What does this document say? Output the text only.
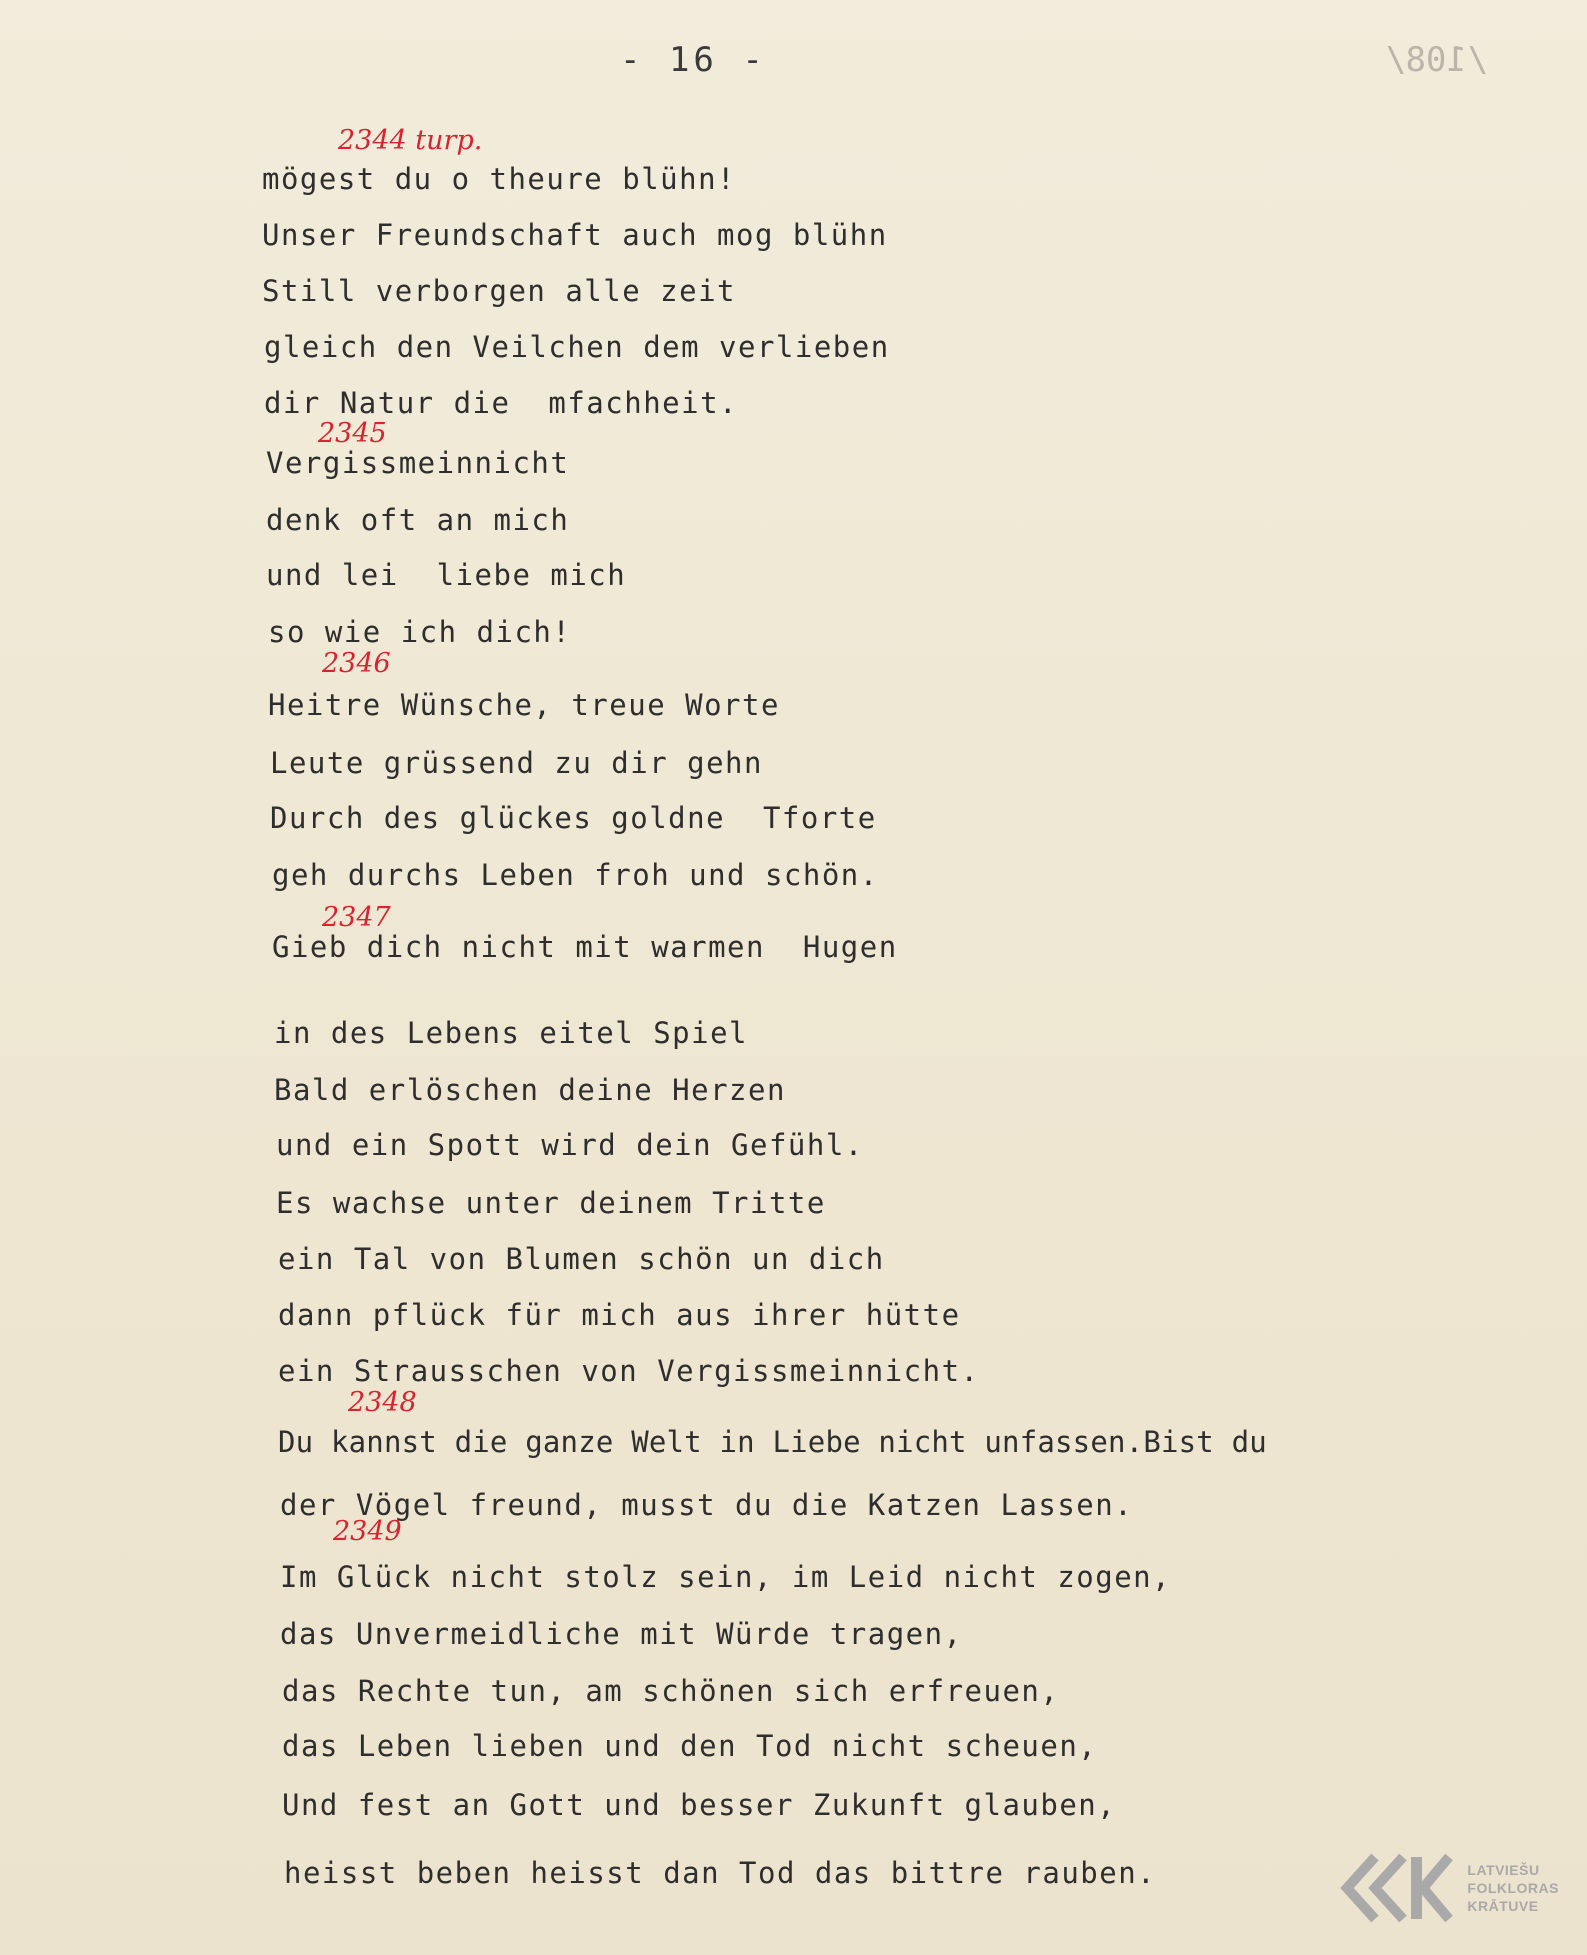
- 16 -	/108/
2344 turp.
2345
2346
2347
2348
2349
mögest du o theure blühn!
Unser Freundschaft auch mog blühn
Still verborgen alle zeit
gleich den Veilchen dem verlieben
dir Natur die  mfachheit.
Vergissmeinnicht
denk oft an mich
und lei  liebe mich
so wie ich dich!
Heitre Wünsche, treue Worte
Leute grüssend zu dir gehn
Durch des glückes goldne  Tforte
geh durchs Leben froh und schön.
Gieb dich nicht mit warmen  Hugen
in des Lebens eitel Spiel
Bald erlöschen deine Herzen
und ein Spott wird dein Gefühl.
Es wachse unter deinem Tritte
ein Tal von Blumen schön un dich
dann pflück für mich aus ihrer hütte
ein Strausschen von Vergissmeinnicht.
Du kannst die ganze Welt in Liebe nicht unfassen.Bist du
der Vögel freund, musst du die Katzen Lassen.
Im Glück nicht stolz sein, im Leid nicht zogen,
das Unvermeidliche mit Würde tragen,
das Rechte tun, am schönen sich erfreuen,
das Leben lieben und den Tod nicht scheuen,
Und fest an Gott und besser Zukunft glauben,
heisst beben heisst dan Tod das bittre rauben.	LATVIEŠU
FOLKLORAS
KRĀTUVE
